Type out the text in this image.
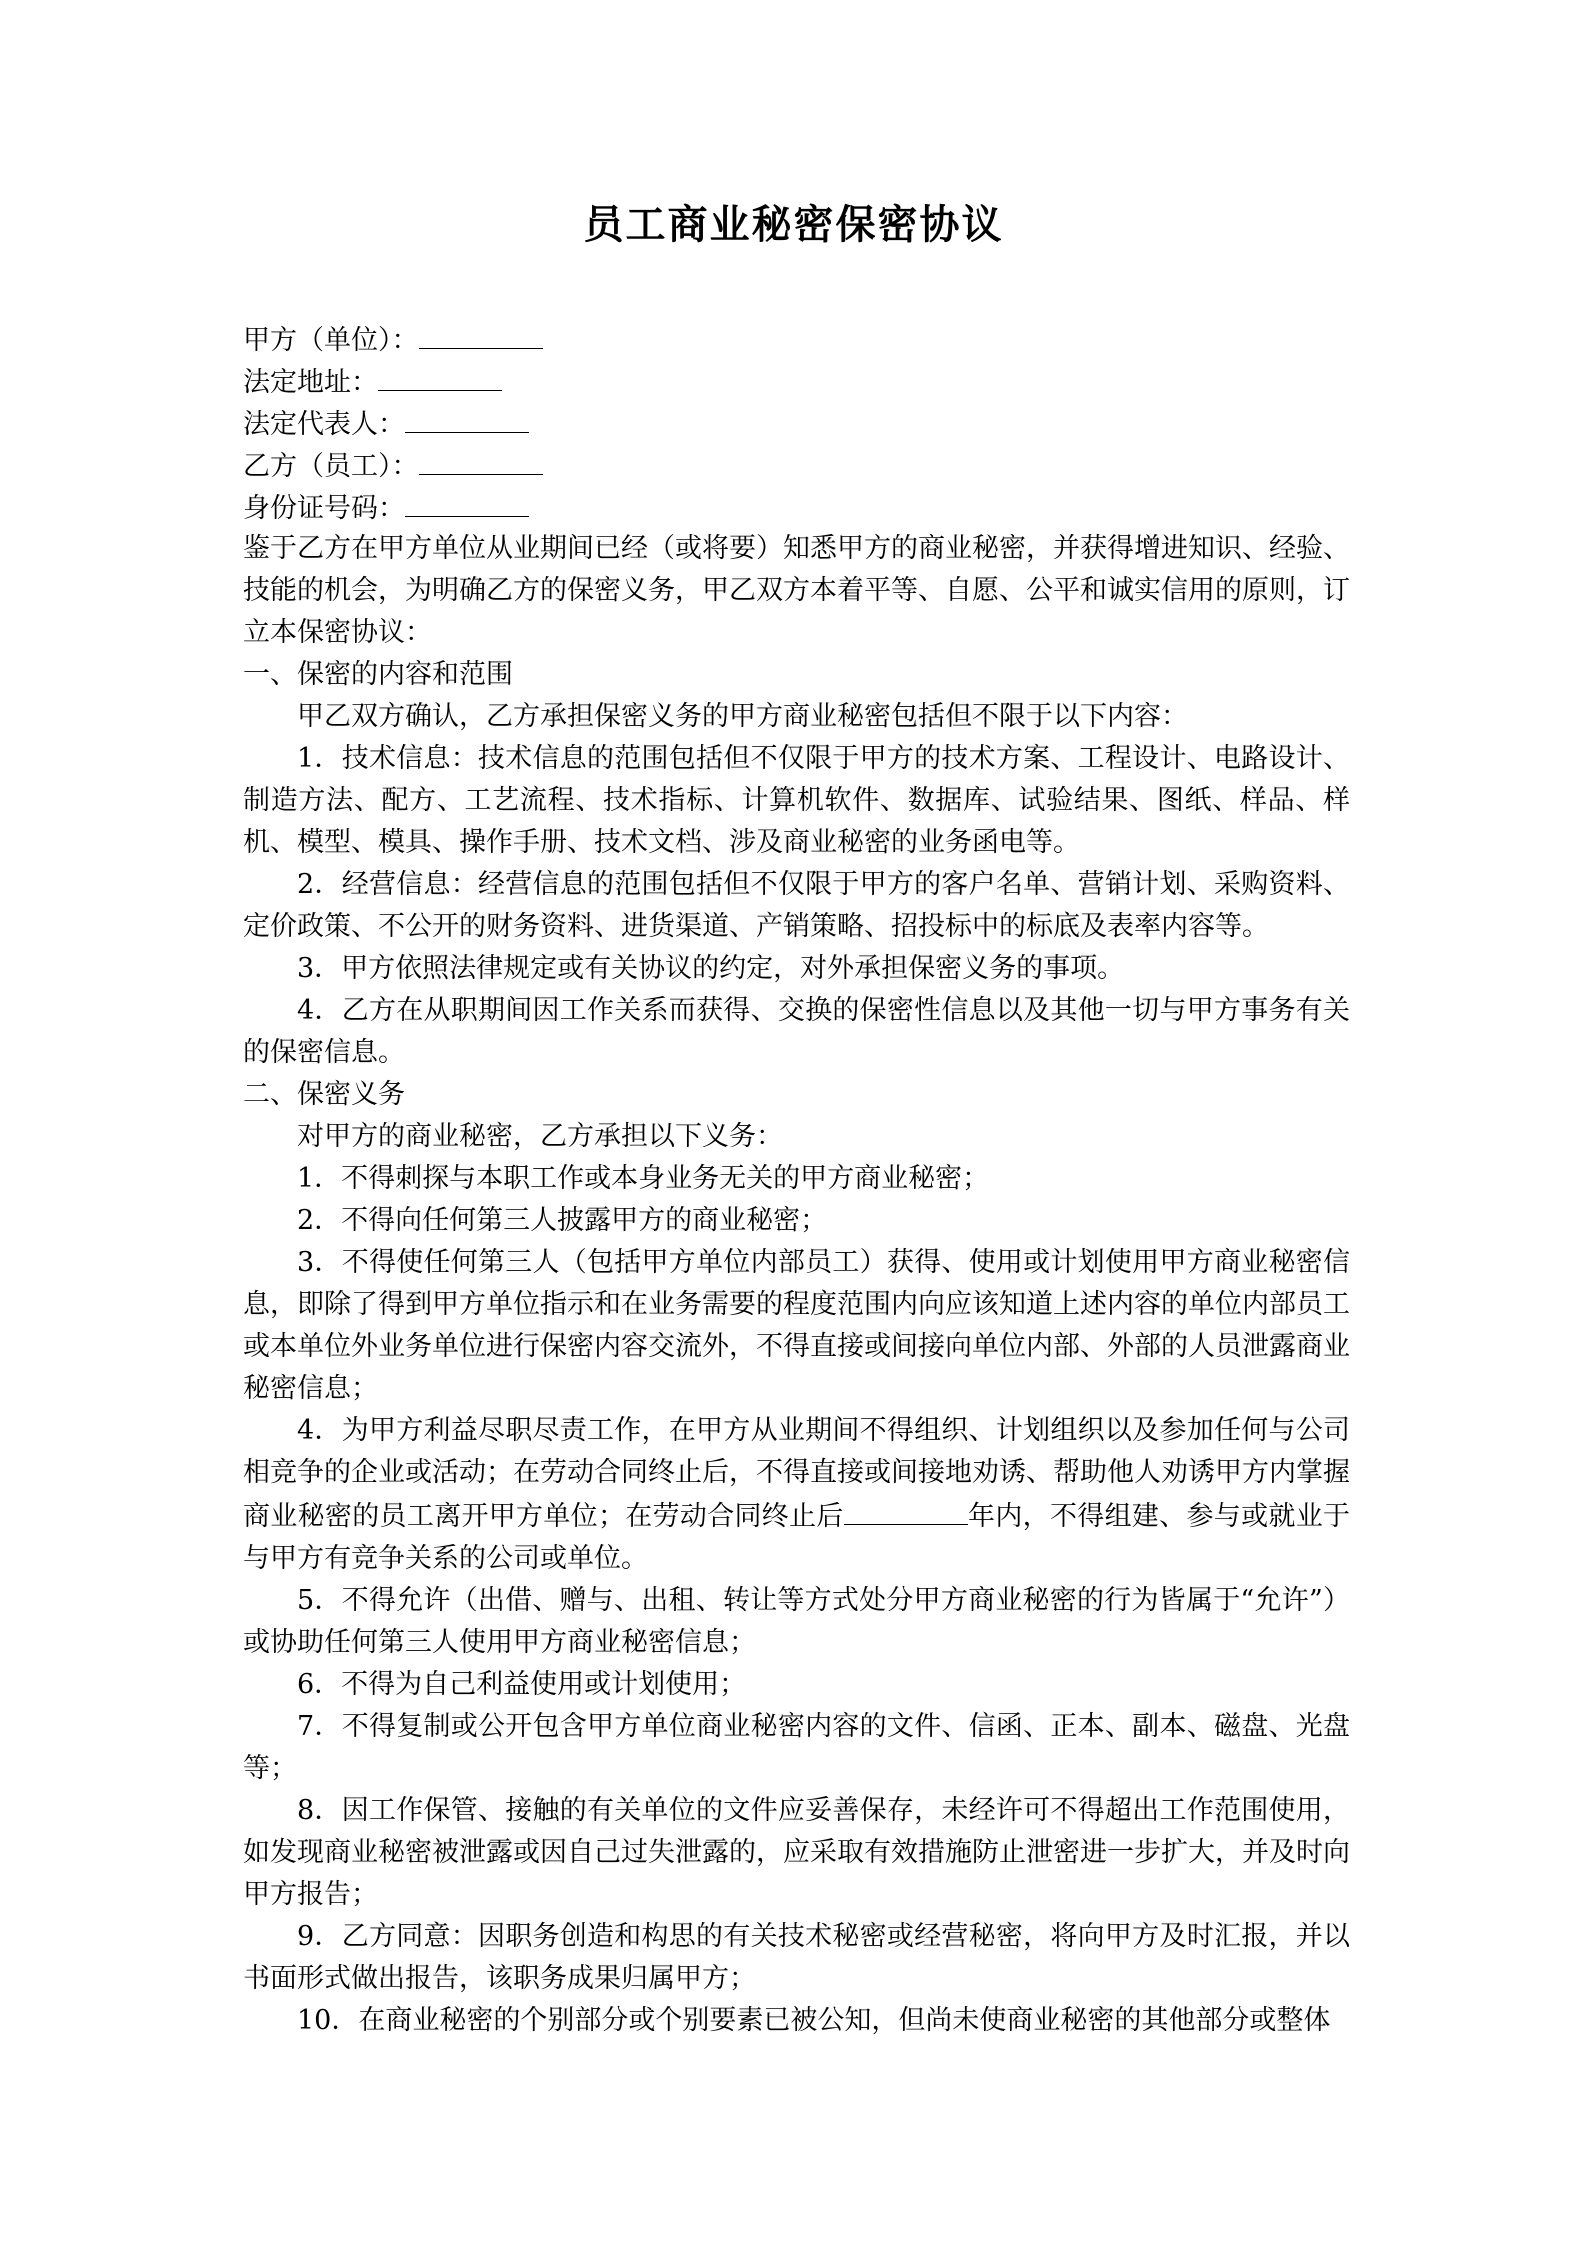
员工商业秘密保密协议
甲方（单位）：
法定地址：
法定代表人：
乙方（员工）：
身份证号码：
鉴于乙方在甲方单位从业期间已经（或将要）知悉甲方的商业秘密，并获得增进知识、经验、技能的机会，为明确乙方的保密义务，甲乙双方本着平等、自愿、公平和诚实信用的原则，订立本保密协议：
一、保密的内容和范围
甲乙双方确认，乙方承担保密义务的甲方商业秘密包括但不限于以下内容：
1．技术信息：技术信息的范围包括但不仅限于甲方的技术方案、工程设计、电路设计、制造方法、配方、工艺流程、技术指标、计算机软件、数据库、试验结果、图纸、样品、样机、模型、模具、操作手册、技术文档、涉及商业秘密的业务函电等。
2．经营信息：经营信息的范围包括但不仅限于甲方的客户名单、营销计划、采购资料、定价政策、不公开的财务资料、进货渠道、产销策略、招投标中的标底及表率内容等。
3．甲方依照法律规定或有关协议的约定，对外承担保密义务的事项。
4．乙方在从职期间因工作关系而获得、交换的保密性信息以及其他一切与甲方事务有关的保密信息。
二、保密义务
对甲方的商业秘密，乙方承担以下义务：
1．不得刺探与本职工作或本身业务无关的甲方商业秘密；
2．不得向任何第三人披露甲方的商业秘密；
3．不得使任何第三人（包括甲方单位内部员工）获得、使用或计划使用甲方商业秘密信息，即除了得到甲方单位指示和在业务需要的程度范围内向应该知道上述内容的单位内部员工或本单位外业务单位进行保密内容交流外，不得直接或间接向单位内部、外部的人员泄露商业秘密信息；
4．为甲方利益尽职尽责工作，在甲方从业期间不得组织、计划组织以及参加任何与公司相竞争的企业或活动；在劳动合同终止后，不得直接或间接地劝诱、帮助他人劝诱甲方内掌握商业秘密的员工离开甲方单位；在劳动合同终止后	年内，不得组建、参与或就业于与甲方有竞争关系的公司或单位。
5．不得允许（出借、赠与、出租、转让等方式处分甲方商业秘密的行为皆属于“允许”）或协助任何第三人使用甲方商业秘密信息；
6．不得为自己利益使用或计划使用；
7．不得复制或公开包含甲方单位商业秘密内容的文件、信函、正本、副本、磁盘、光盘等；
8．因工作保管、接触的有关单位的文件应妥善保存，未经许可不得超出工作范围使用，如发现商业秘密被泄露或因自己过失泄露的，应采取有效措施防止泄密进一步扩大，并及时向甲方报告；
9．乙方同意：因职务创造和构思的有关技术秘密或经营秘密，将向甲方及时汇报，并以书面形式做出报告，该职务成果归属甲方；
10．在商业秘密的个别部分或个别要素已被公知，但尚未使商业秘密的其他部分或整体
